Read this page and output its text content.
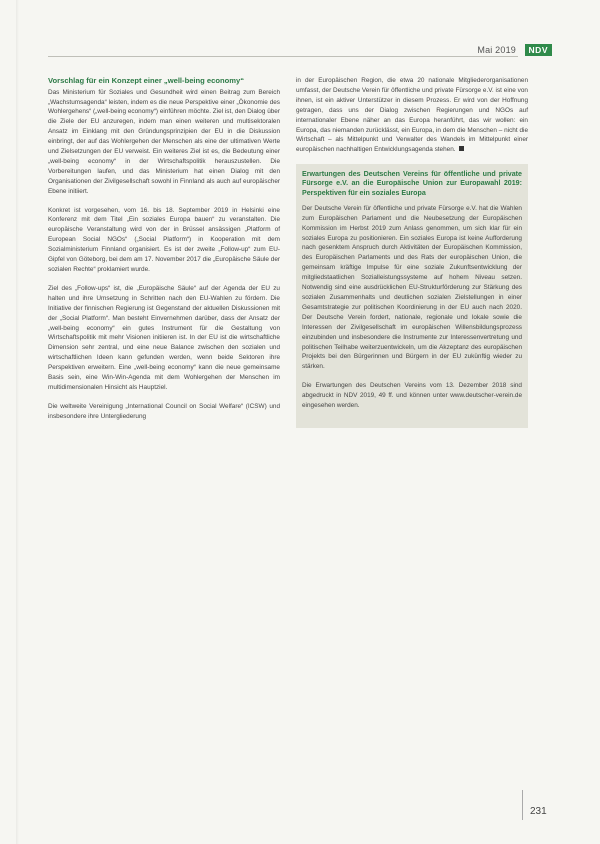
Mai 2019	NDV
Vorschlag für ein Konzept einer „well-being economy“

Das Ministerium für Soziales und Gesundheit wird einen Beitrag zum Bereich „Wachstumsagenda“ leisten, indem es die neue Perspektive einer „Ökonomie des Wohlergehens“ („well-being economy“) einführen möchte. Ziel ist, den Dialog über die Ziele der EU anzuregen, indem man einen weiteren und multisektoralen Ansatz im Einklang mit den Gründungsprinzipien der EU in die Diskussion einbringt, der auf das Wohlergehen der Menschen als eine der ultimativen Werte und Zielsetzungen der EU verweist. Ein weiteres Ziel ist es, die Bedeutung einer „well-being economy“ in der Wirtschaftspolitik herauszustellen. Die Vorbereitungen laufen, und das Ministerium hat einen Dialog mit den Organisationen der Zivilgesellschaft sowohl in Finnland als auch auf europäischer Ebene initiiert.

Konkret ist vorgesehen, vom 16. bis 18. September 2019 in Helsinki eine Konferenz mit dem Titel „Ein soziales Europa bauen“ zu veranstalten. Die europäische Veranstaltung wird von der in Brüssel ansässigen „Platform of European Social NGOs“ („Social Platform“) in Kooperation mit dem Sozialministerium Finnland organisiert. Es ist der zweite „Follow-up“ zum EU-Gipfel von Göteborg, bei dem am 17. November 2017 die „Europäische Säule der sozialen Rechte“ proklamiert wurde.

Ziel des „Follow-ups“ ist, die „Europäische Säule“ auf der Agenda der EU zu halten und ihre Umsetzung in Schritten nach den EU-Wahlen zu fördern. Die Initiative der finnischen Regierung ist Gegenstand der aktuellen Diskussionen mit der „Social Platform“. Man besteht Einvernehmen darüber, dass der Ansatz der „well-being economy“ ein gutes Instrument für die Gestaltung von Wirtschaftspolitik mit mehr Visionen initiieren ist. In der EU ist die wirtschaftliche Dimension sehr zentral, und eine neue Balance zwischen den sozialen und wirtschaftlichen Ideen kann gefunden werden, wenn beide Sektoren ihre Perspektiven erweitern. Eine „well-being economy“ kann die neue gemeinsame Basis sein, eine Win-Win-Agenda mit dem Wohlergehen der Menschen im multidimensionalen Hinsicht als Hauptziel.

Die weltweite Vereinigung „International Council on Social Welfare“ (ICSW) und insbesondere ihre Untergliederung

in der Europäischen Region, die etwa 20 nationale Mitgliederorganisationen umfasst, der Deutsche Verein für öffentliche und private Fürsorge e.V. ist eine von ihnen, ist ein aktiver Unterstützer in diesem Prozess. Er wird von der Hoffnung getragen, dass uns der Dialog zwischen Regierungen und NGOs auf internationaler Ebene näher an das Europa heranführt, das wir wollen: ein Europa, das niemanden zurücklässt, ein Europa, in dem die Menschen – nicht die Wirtschaft – als Mittelpunkt und Verwalter des Wandels im Mittelpunkt einer europäischen nachhaltigen Entwicklungsagenda stehen.

Erwartungen des Deutschen Vereins für öffentliche und private Fürsorge e.V. an die Europäische Union zur Europawahl 2019: Perspektiven für ein soziales Europa

Der Deutsche Verein für öffentliche und private Fürsorge e.V. hat die Wahlen zum Europäischen Parlament und die Neubesetzung der Europäischen Kommission im Herbst 2019 zum Anlass genommen, um sich klar für ein soziales Europa zu positionieren. Ein soziales Europa ist keine Aufforderung nach gesenktem Anspruch durch Aktivitäten der Europäischen Kommission, des Europäischen Parlaments und des Rats der europäischen Union, die gemeinsam kräftige Impulse für eine soziale Zukunftsentwicklung der mitgliedstaatlichen Sozialleistungssysteme auf hohem Niveau setzen. Notwendig sind eine ausdrücklichen EU-Strukturförderung zur Stärkung des sozialen Zusammenhalts und deutlichen sozialen Zielstellungen in einer Gesamtstrategie zur politischen Koordinierung in der EU auch nach 2020. Der Deutsche Verein fordert, nationale, regionale und lokale sowie die Interessen der Zivilgesellschaft im europäischen Willensbildungsprozess einzubinden und insbesondere die Instrumente zur Interessenvertretung und politischen Teilhabe weiterzuentwickeln, um die Akzeptanz des europäischen Projekts bei den Bürgerinnen und Bürgern in der EU zukünftig wieder zu stärken.

Die Erwartungen des Deutschen Vereins vom 13. Dezember 2018 sind abgedruckt in NDV 2019, 49 ff. und können unter www.deutscher-verein.de eingesehen werden.

231
